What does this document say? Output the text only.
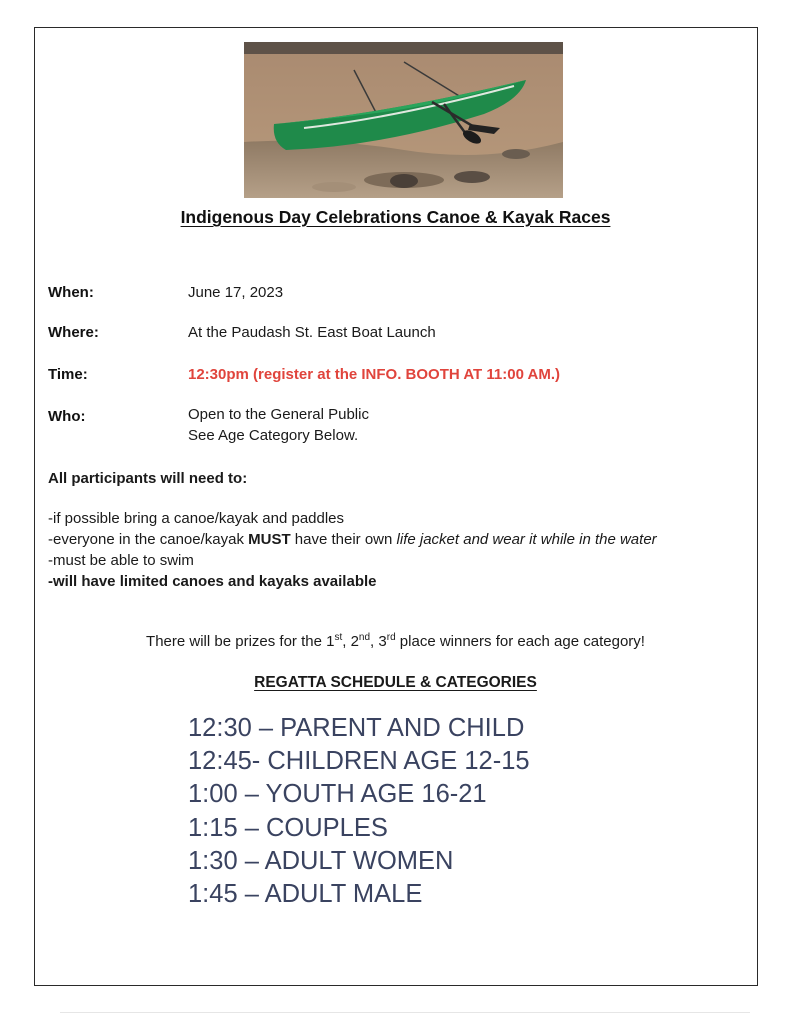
Indigenous Day Celebrations Canoe & Kayak Races
When:	June 17, 2023
Where:	At the Paudash St. East Boat Launch
Time:	12:30pm (register at the INFO. BOOTH AT 11:00 AM.)
Who:	Open to the General Public
See Age Category Below.
All participants will need to:
-if possible bring a canoe/kayak and paddles
-everyone in the canoe/kayak MUST have their own life jacket and wear it while in the water
-must be able to swim
-will have limited canoes and kayaks available
There will be prizes for the 1st, 2nd, 3rd place winners for each age category!
REGATTA SCHEDULE & CATEGORIES
12:30 – PARENT AND CHILD
12:45- CHILDREN AGE 12-15
1:00 – YOUTH AGE 16-21
1:15 – COUPLES
1:30 – ADULT WOMEN
1:45 – ADULT MALE
